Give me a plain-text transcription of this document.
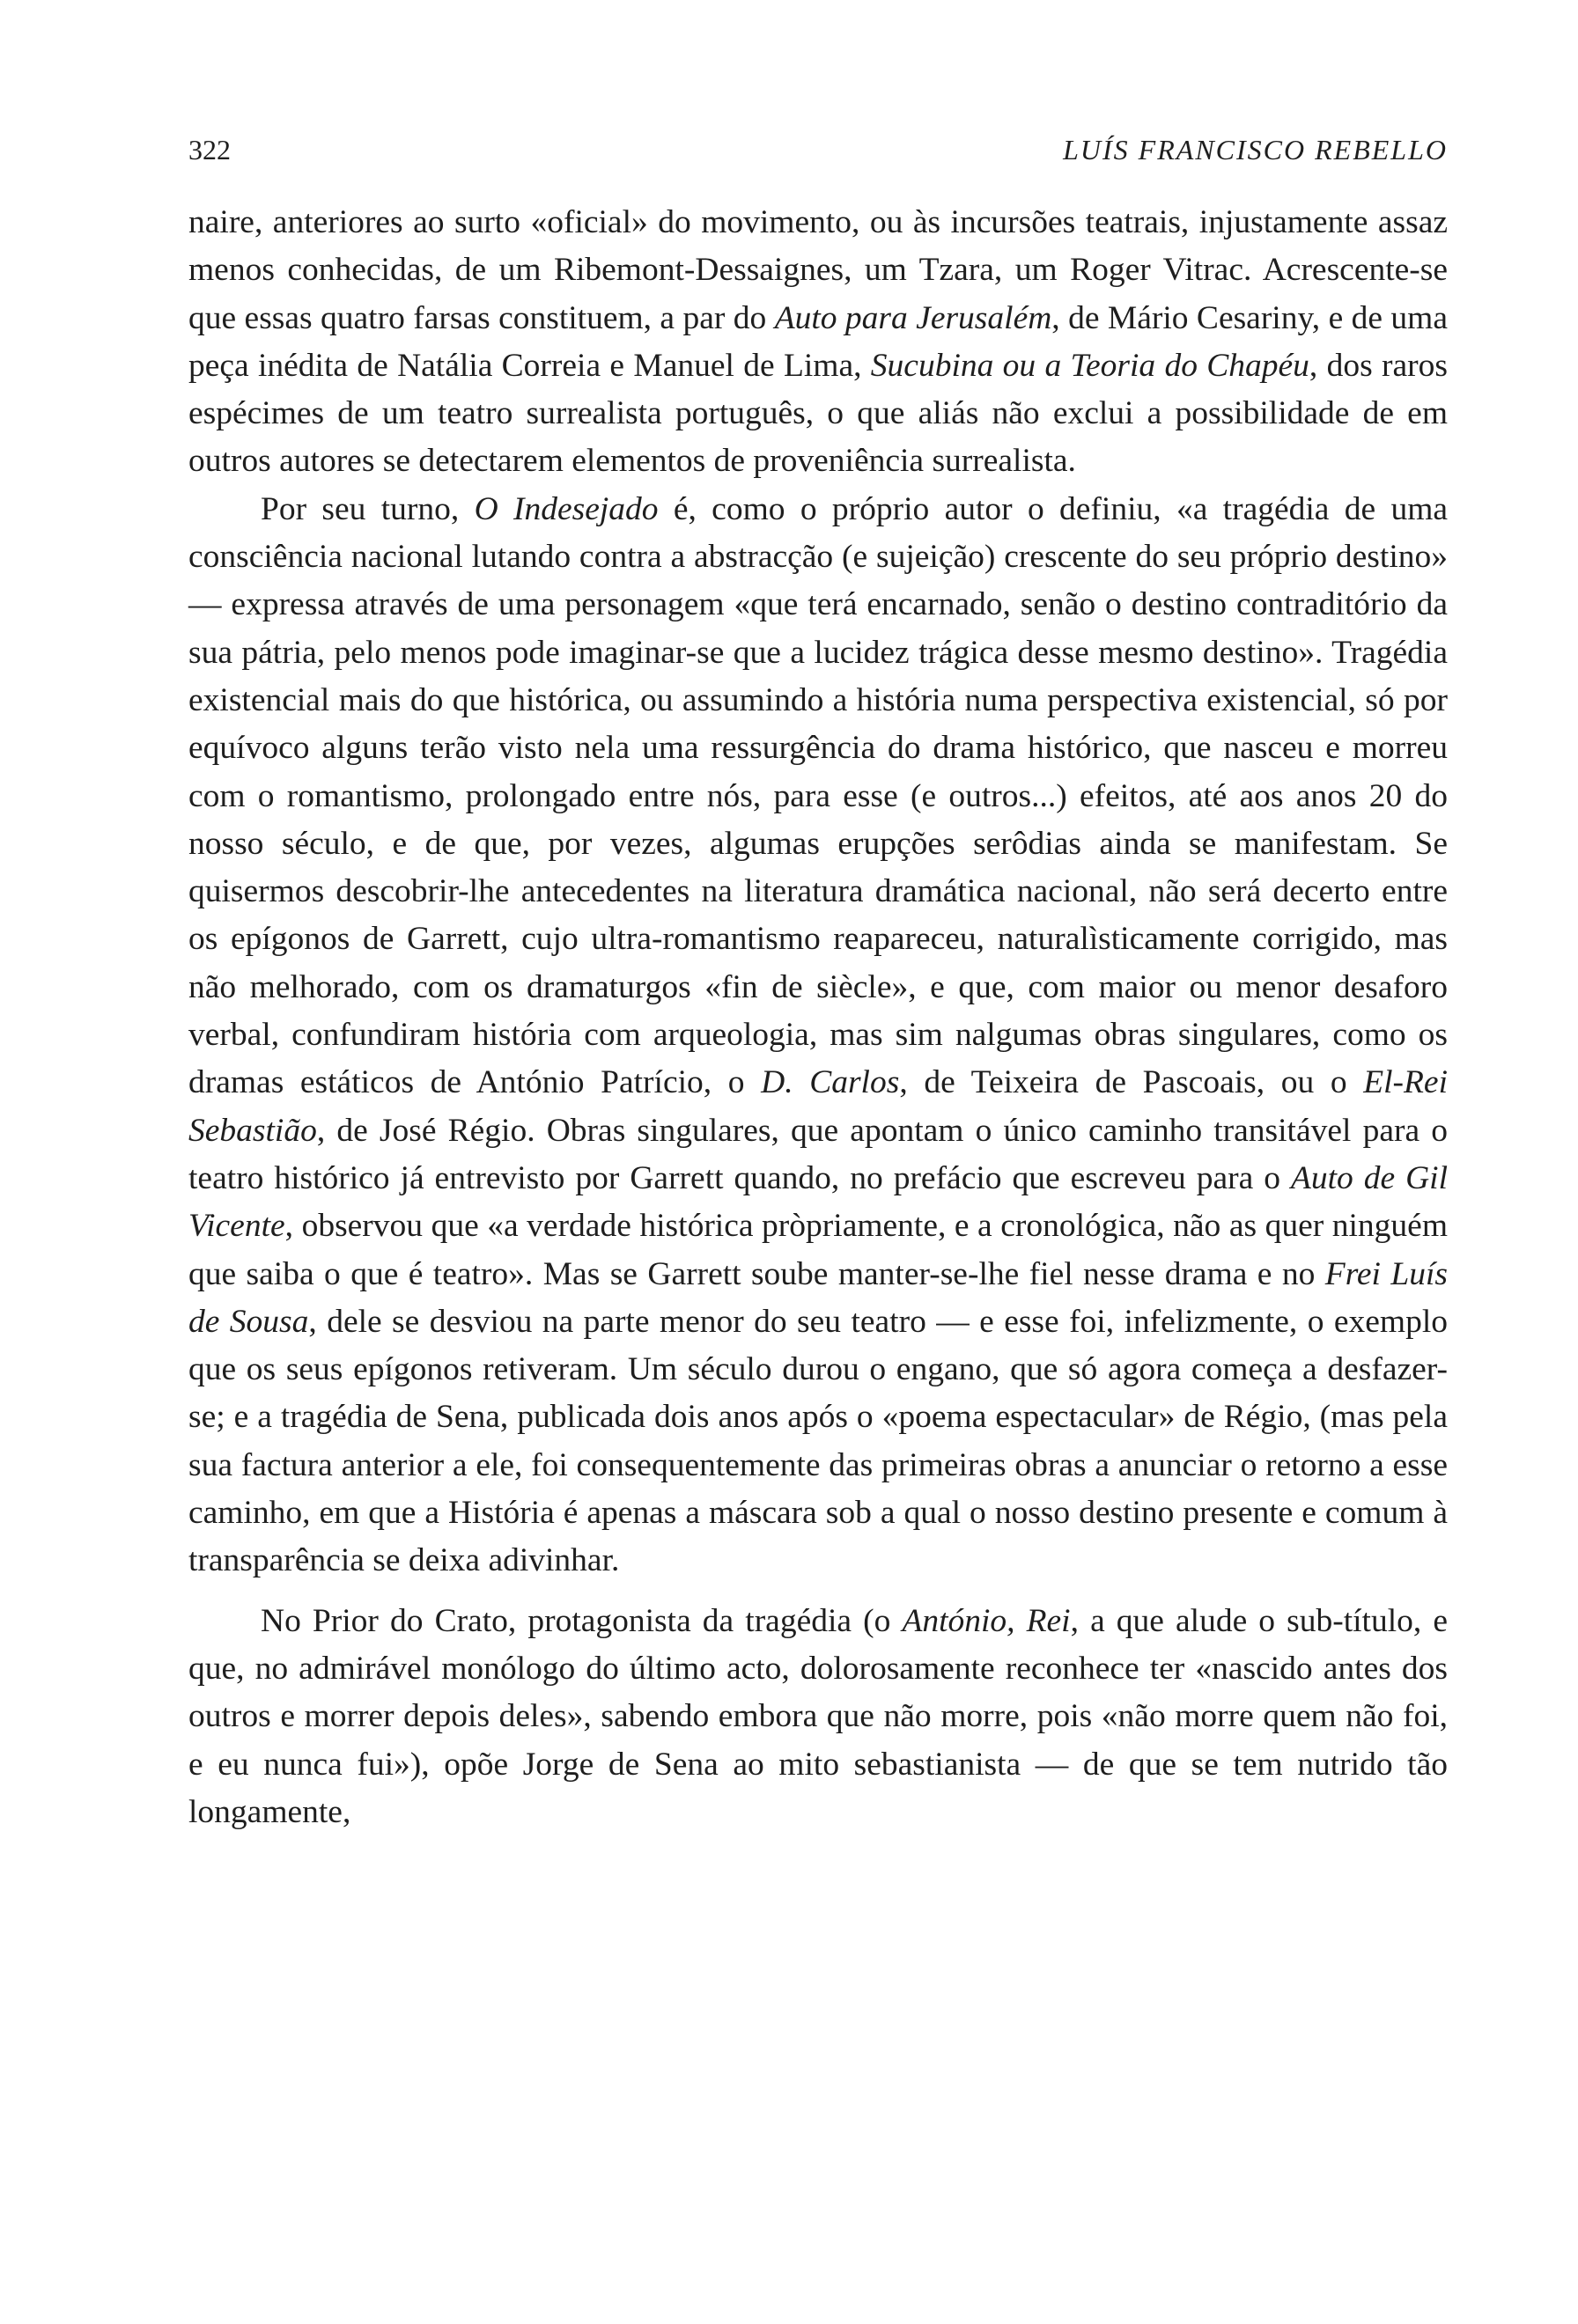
322	LUÍS FRANCISCO REBELLO

naire, anteriores ao surto «oficial» do movimento, ou às incursões teatrais, injustamente assaz menos conhecidas, de um Ribemont-Dessaignes, um Tzara, um Roger Vitrac. Acrescente-se que essas quatro farsas constituem, a par do Auto para Jerusalém, de Mário Cesariny, e de uma peça inédita de Natália Correia e Manuel de Lima, Sucubina ou a Teoria do Chapéu, dos raros espécimes de um teatro surrealista português, o que aliás não exclui a possibilidade de em outros autores se detectarem elementos de proveniência surrealista.

Por seu turno, O Indesejado é, como o próprio autor o definiu, «a tragédia de uma consciência nacional lutando contra a abstracção (e sujeição) crescente do seu próprio destino» — expressa através de uma personagem «que terá encarnado, senão o destino contraditório da sua pátria, pelo menos pode imaginar-se que a lucidez trágica desse mesmo destino». Tragédia existencial mais do que histórica, ou assumindo a história numa perspectiva existencial, só por equívoco alguns terão visto nela uma ressurgência do drama histórico, que nasceu e morreu com o romantismo, prolongado entre nós, para esse (e outros...) efeitos, até aos anos 20 do nosso século, e de que, por vezes, algumas erupções serôdias ainda se manifestam. Se quisermos descobrir-lhe antecedentes na literatura dramática nacional, não será decerto entre os epígonos de Garrett, cujo ultra-romantismo reapareceu, naturalìsticamente corrigido, mas não melhorado, com os dramaturgos «fin de siècle», e que, com maior ou menor desaforo verbal, confundiram história com arqueologia, mas sim nalgumas obras singulares, como os dramas estáticos de António Patrício, o D. Carlos, de Teixeira de Pascoais, ou o El-Rei Sebastião, de José Régio. Obras singulares, que apontam o único caminho transitável para o teatro histórico já entrevisto por Garrett quando, no prefácio que escreveu para o Auto de Gil Vicente, observou que «a verdade histórica pròpriamente, e a cronológica, não as quer ninguém que saiba o que é teatro». Mas se Garrett soube manter-se-lhe fiel nesse drama e no Frei Luís de Sousa, dele se desviou na parte menor do seu teatro — e esse foi, infelizmente, o exemplo que os seus epígonos retiveram. Um século durou o engano, que só agora começa a desfazer-se; e a tragédia de Sena, publicada dois anos após o «poema espectacular» de Régio, (mas pela sua factura anterior a ele, foi consequentemente das primeiras obras a anunciar o retorno a esse caminho, em que a História é apenas a máscara sob a qual o nosso destino presente e comum à transparência se deixa adivinhar.

No Prior do Crato, protagonista da tragédia (o António, Rei, a que alude o sub-título, e que, no admirável monólogo do último acto, dolorosamente reconhece ter «nascido antes dos outros e morrer depois deles», sabendo embora que não morre, pois «não morre quem não foi, e eu nunca fui»), opõe Jorge de Sena ao mito sebastianista — de que se tem nutrido tão longamente,
